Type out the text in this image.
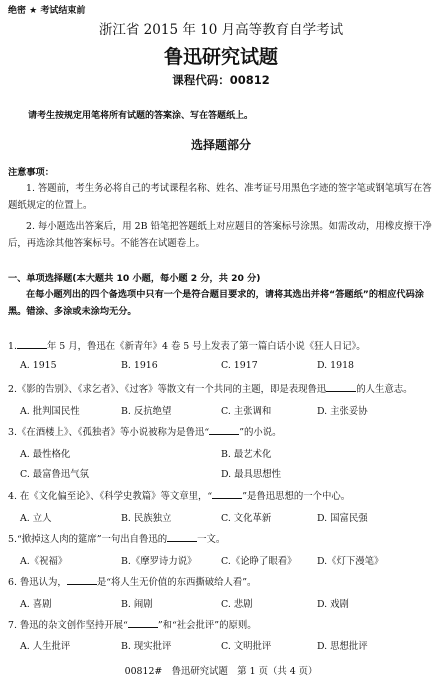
绝密 ★ 考试结束前
浙江省 2015 年 10 月高等教育自学考试
鲁迅研究试题
课程代码：00812
请考生按规定用笔将所有试题的答案涂、写在答题纸上。
选择题部分
注意事项：
1. 答题前，考生务必将自己的考试课程名称、姓名、准考证号用黑色字迹的签字笔或钢笔填写在答题纸规定的位置上。
2. 每小题选出答案后，用 2B 铅笔把答题纸上对应题目的答案标号涂黑。如需改动，用橡皮擦干净后，再选涂其他答案标号。不能答在试题卷上。
一、单项选择题(本大题共 10 小题，每小题 2 分，共 20 分)
在每小题列出的四个备选项中只有一个是符合题目要求的，请将其选出并将“答题纸”的相应代码涂黑。错涂、多涂或未涂均无分。
1.	年 5 月，鲁迅在《新青年》4 卷 5 号上发表了第一篇白话小说《狂人日记》。
A. 1915	B. 1916	C. 1917	D. 1918
2.《影的告别》、《求乞者》、《过客》等散文有一个共同的主题，即是表现鲁迅	的人生意志。
A. 批判国民性	B. 反抗绝望	C. 主张调和	D. 主张妥协
3.《在酒楼上》、《孤独者》等小说被称为是鲁迅“	”的小说。
A. 最性格化	B. 最艺术化
C. 最富鲁迅气氛	D. 最具思想性
4. 在《文化偏至论》、《科学史教篇》等文章里，“	”是鲁迅思想的一个中心。
A. 立人	B. 民族独立	C. 文化革新	D. 国富民强
5.“掀掉这人肉的筵席”一句出自鲁迅的	一文。
A.《祝福》	B.《摩罗诗力说》	C.《论睁了眼看》 D.《灯下漫笔》
6. 鲁迅认为，	是“将人生无价值的东西撕破给人看”。
A. 喜剧	B. 闹剧	C. 悲剧	D. 戏剧
7. 鲁迅的杂文创作坚持开展“	”和“社会批评”的原则。
A. 人生批评	B. 现实批评	C. 文明批评	D. 思想批评
00812#　鲁迅研究试题　第 1 页（共 4 页）
